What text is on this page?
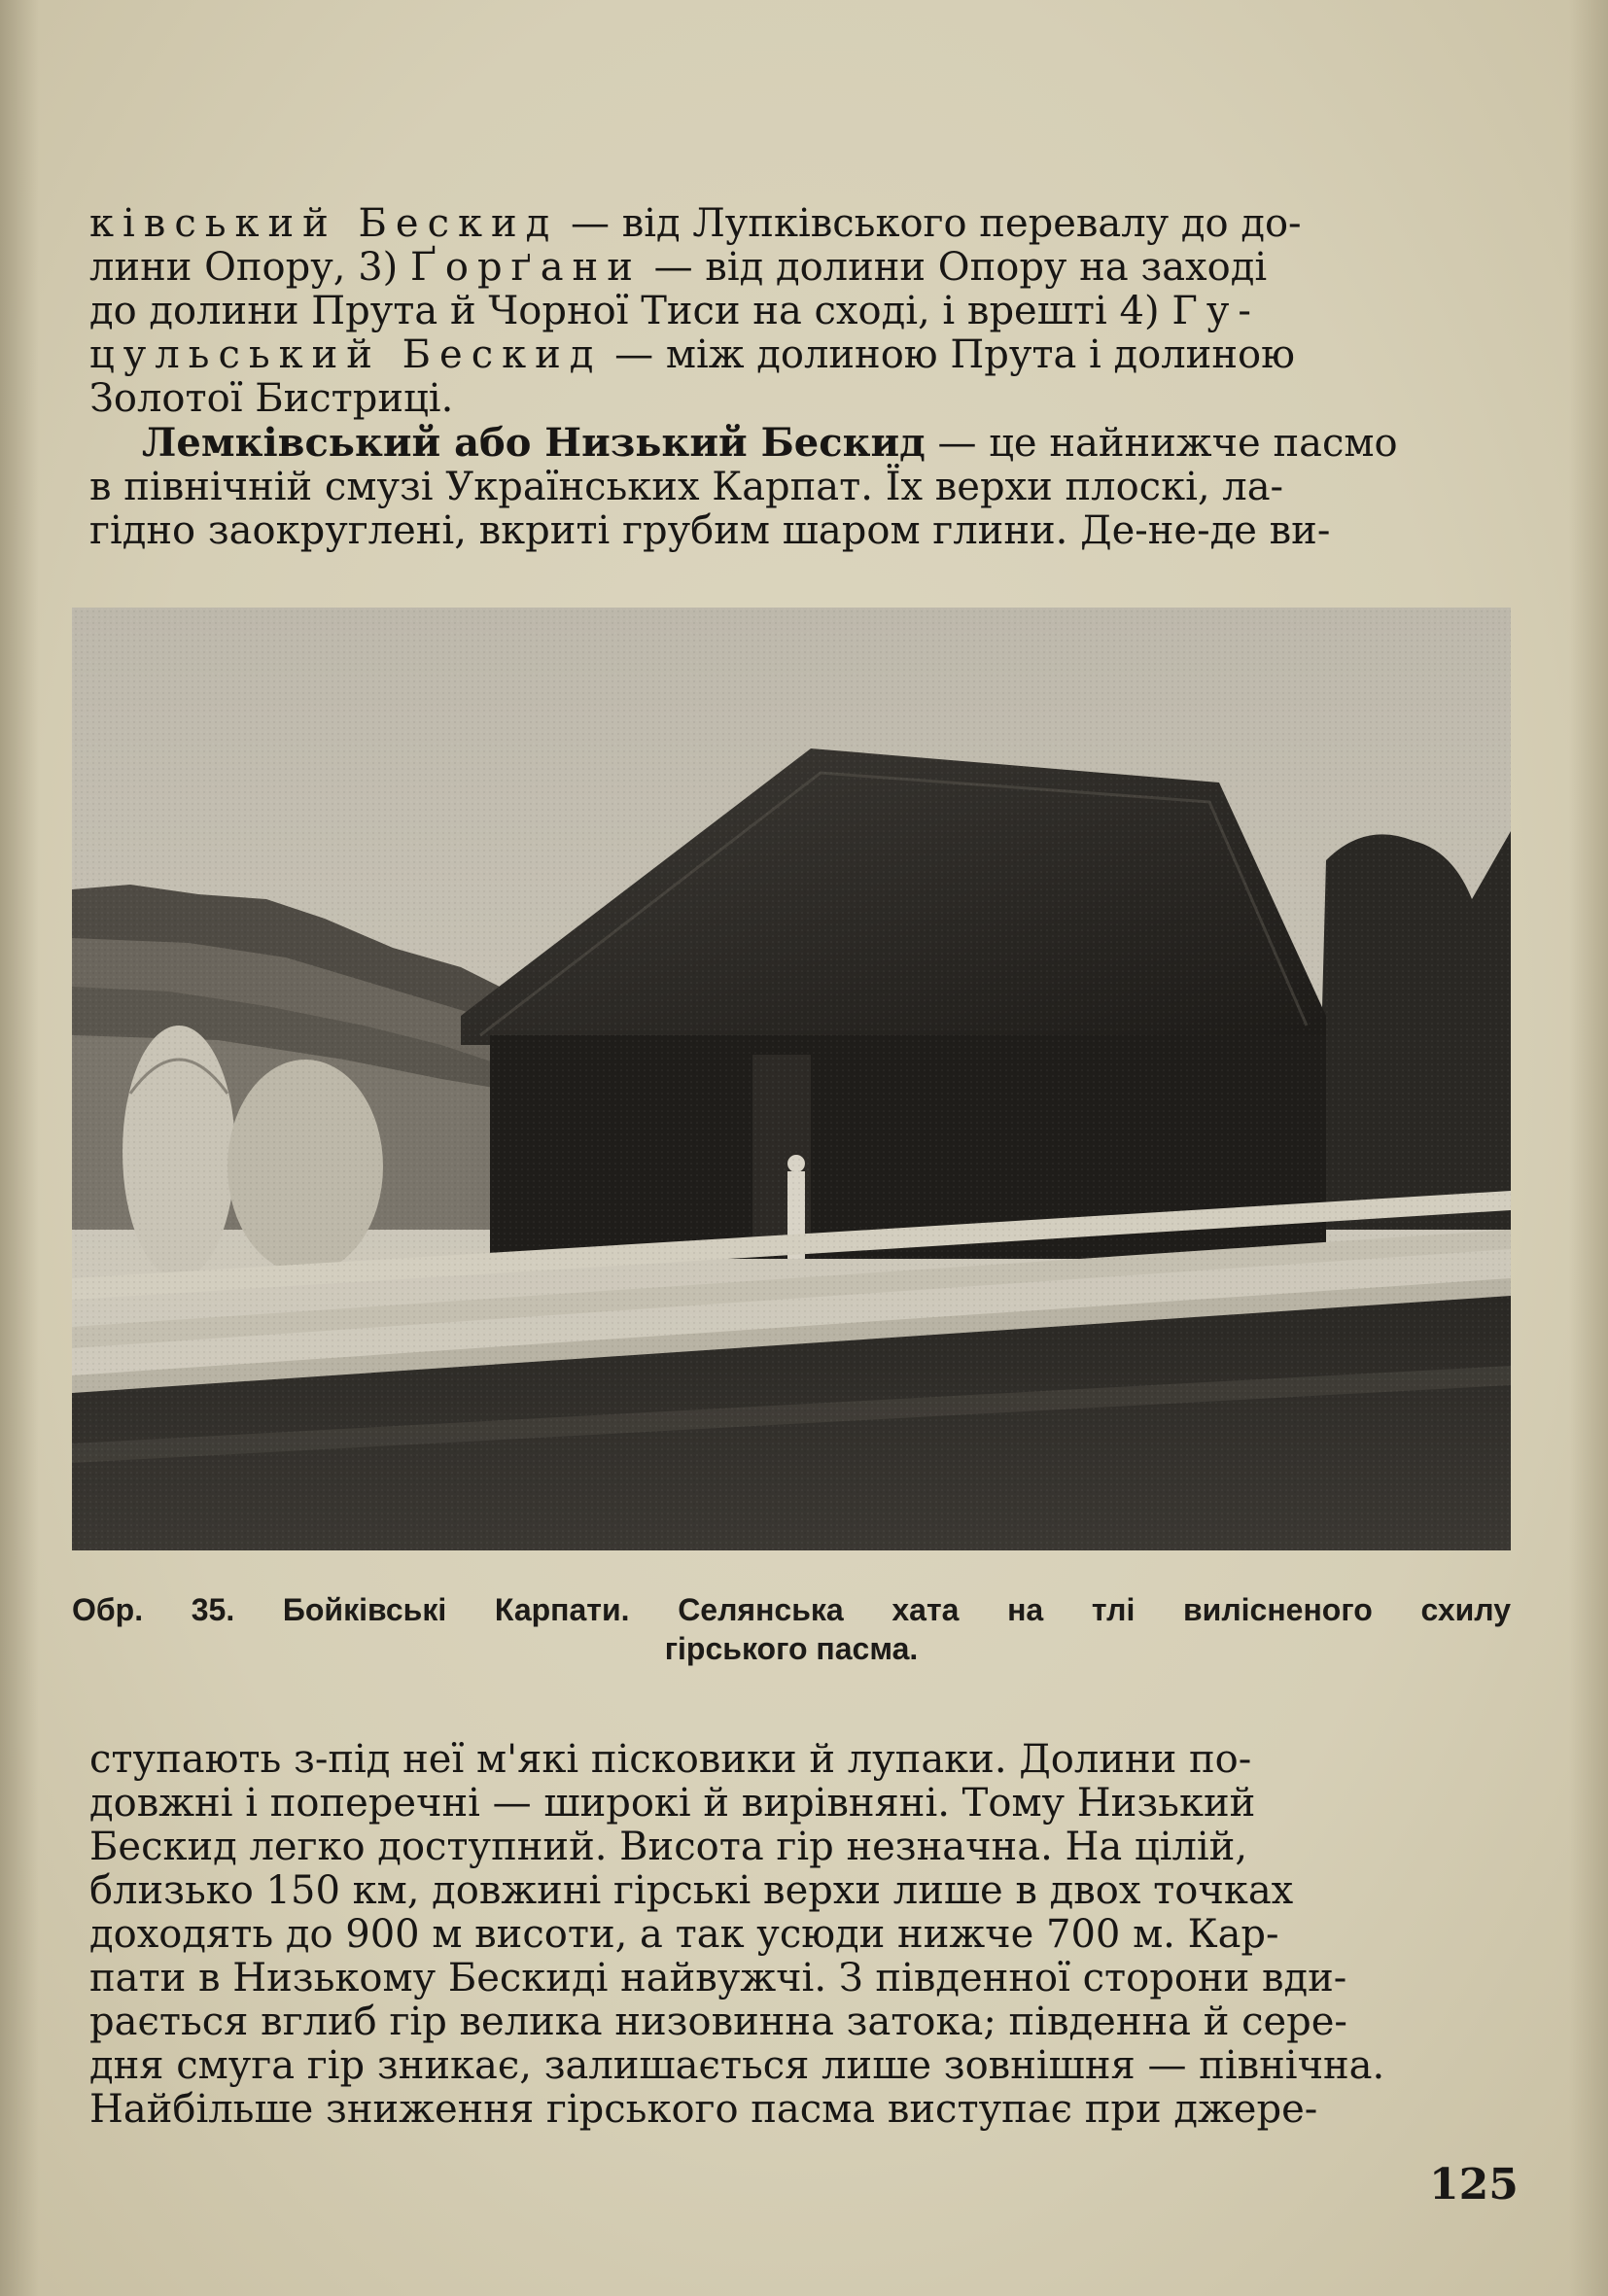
ківський Бескид — від Лупківського перевалу до до-

лини Опору, 3) Ґорґани — від долини Опору на заході

до долини Прута й Чорної Тиси на сході, і врешті 4) Гу-

цульський Бескид — між долиною Прута і долиною

Золотої Бистриці.

Лемківський або Низький Бескид — це найнижче пасмо

в північній смузі Українських Карпат. Їх верхи плоскі, ла-

гідно заокруглені, вкриті грубим шаром глини. Де-не-де ви-

Обр. 35. Бойківські Карпати. Селянська хата на тлі вилісненого схилу

гірського пасма.

ступають з-під неї м'які пісковики й лупаки. Долини по-

довжні і поперечні — широкі й вирівняні. Тому Низький

Бескид легко доступний. Висота гір незначна. На цілій,

близько 150 км, довжині гірські верхи лише в двох точках

доходять до 900 м висоти, а так усюди нижче 700 м. Кар-

пати в Низькому Бескиді найвужчі. З південної сторони вди-

рається вглиб гір велика низовинна затока; південна й сере-

дня смуга гір зникає, залишається лише зовнішня — північна.

Найбільше зниження гірського пасма виступає при джере-

125
